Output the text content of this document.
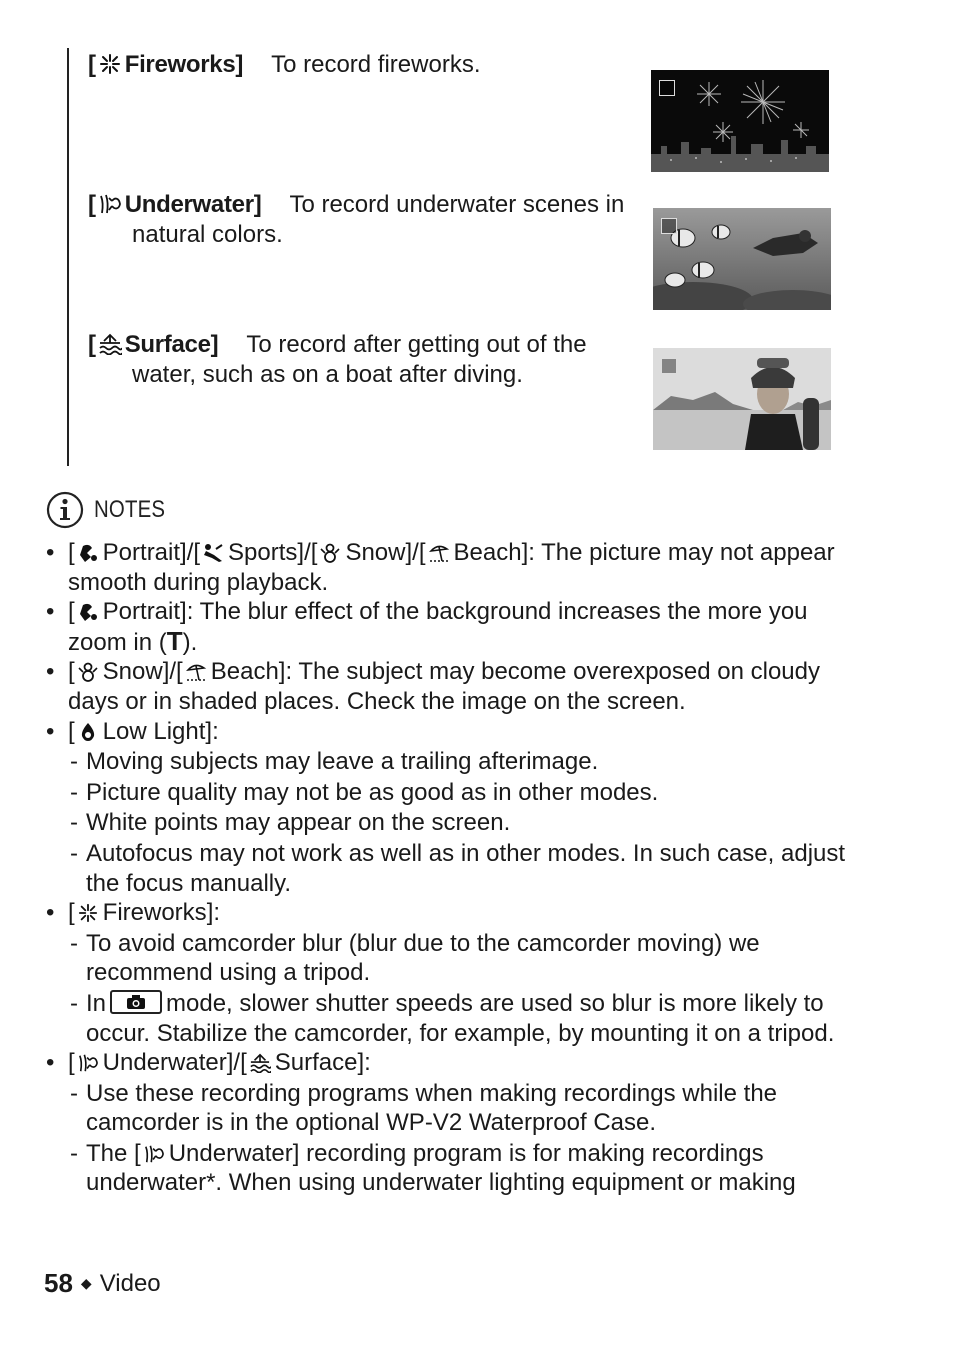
[ Fireworks] To record fireworks.
[ Underwater] To record underwater scenes in
natural colors.
[ Surface] To record after getting out of the
water, such as on a boat after diving.
NOTES
• [ Portrait]/[ Sports]/[ Snow]/[ Beach]: The picture may not appear smooth during playback.
• [ Portrait]: The blur effect of the background increases the more you zoom in (T).
• [ Snow]/[ Beach]: The subject may become overexposed on cloudy days or in shaded places. Check the image on the screen.
• [ Low Light]:
- Moving subjects may leave a trailing afterimage.
- Picture quality may not be as good as in other modes.
- White points may appear on the screen.
- Autofocus may not work as well as in other modes. In such case, adjust the focus manually.
• [ Fireworks]:
- To avoid camcorder blur (blur due to the camcorder moving) we recommend using a tripod.
- In	mode, slower shutter speeds are used so blur is more likely to occur. Stabilize the camcorder, for example, by mounting it on a tripod.
• [ Underwater]/[ Surface]:
- Use these recording programs when making recordings while the camcorder is in the optional WP-V2 Waterproof Case.
- The [ Underwater] recording program is for making recordings underwater*. When using underwater lighting equipment or making
58 ◆ Video
